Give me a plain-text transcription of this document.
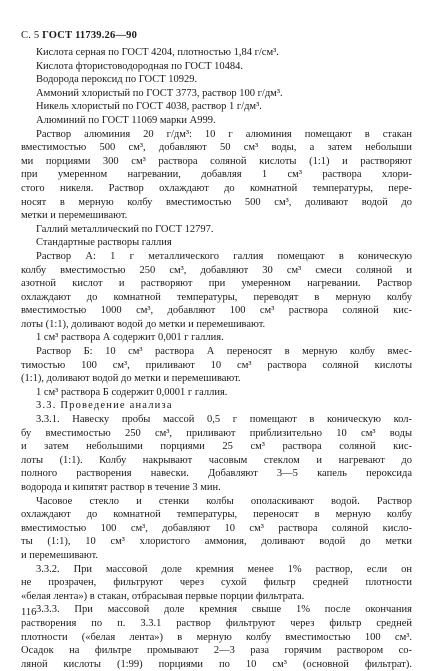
С. 5 ГОСТ 11739.26—90
Кислота серная по ГОСТ 4204, плотностью 1,84 г/см³.
Кислота фтористоводородная по ГОСТ 10484.
Водорода пероксид по ГОСТ 10929.
Аммоний хлористый по ГОСТ 3773, раствор 100 г/дм³.
Никель хлористый по ГОСТ 4038, раствор 1 г/дм³.
Алюминий по ГОСТ 11069 марки А999.
Раствор алюминия 20 г/дм³: 10 г алюминия помещают в стакан
вместимостью 500 см³, добавляют 50 см³ воды, а затем неболыши
ми порциями 300 см³ раствора соляной кислоты (1:1) и растворяют
при умеренном нагревании, добавляя 1 см³ раствора хлори-
стого никеля. Раствор охлаждают до комнатной температуры, пере-
носят в мерную колбу вместимостью 500 см³, доливают водой до
метки и перемешивают.
Галлий металлический по ГОСТ 12797.
Стандартные растворы галлия
Раствор А: 1 г металлического галлия помещают в коническую
колбу вместимостью 250 см³, добавляют 30 см³ смеси соляной и
азотной кислот и растворяют при умеренном нагревании. Раствор
охлаждают до комнатной температуры, переводят в мерную колбу
вместимостью 1000 см³, добавляют 100 см³ раствора соляной кис-
лоты (1:1), доливают водой до метки и перемешивают.
1 см³ раствора А содержит 0,001 г галлия.
Раствор Б: 10 см³ раствора А переносят в мерную колбу вмес-
тимостью 100 см³, приливают 10 см³ раствора соляной кислоты
(1:1), доливают водой до метки и перемешивают.
1 см³ раствора Б содержит 0,0001 г галлия.
3.3. Проведение анализа
3.3.1. Навеску пробы массой 0,5 г помещают в коническую кол-
бу вместимостью 250 см³, приливают приблизительно 10 см³ воды
и затем небольшими порциями 25 см³ раствора соляной кис-
лоты (1:1). Колбу накрывают часовым стеклом и нагревают до
полного растворения навески. Добавляют 3—5 капель пероксида
водорода и кипятят раствор в течение 3 мин.
Часовое стекло и стенки колбы ополаскивают водой. Раствор
охлаждают до комнатной температуры, переносят в мерную колбу
вместимостью 100 см³, добавляют 10 см³ раствора соляной кисло-
ты (1:1), 10 см³ хлористого аммония, доливают водой до метки
и перемешивают.
3.3.2. При массовой доле кремния менее 1% раствор, если он
не прозрачен, фильтруют через сухой фильтр средней плотности
«белая лента») в стакан, отбрасывая первые порции фильтрата.
3.3.3. При массовой доле кремния свыше 1% после окончания
растворения по п. 3.3.1 раствор фильтруют через фильтр средней
плотности («белая лента») в мерную колбу вместимостью 100 см³.
Осадок на фильтре промывают 2—3 раза горячим раствором со-
ляной кислоты (1:99) порциями по 10 см³ (основной фильтрат).
116
